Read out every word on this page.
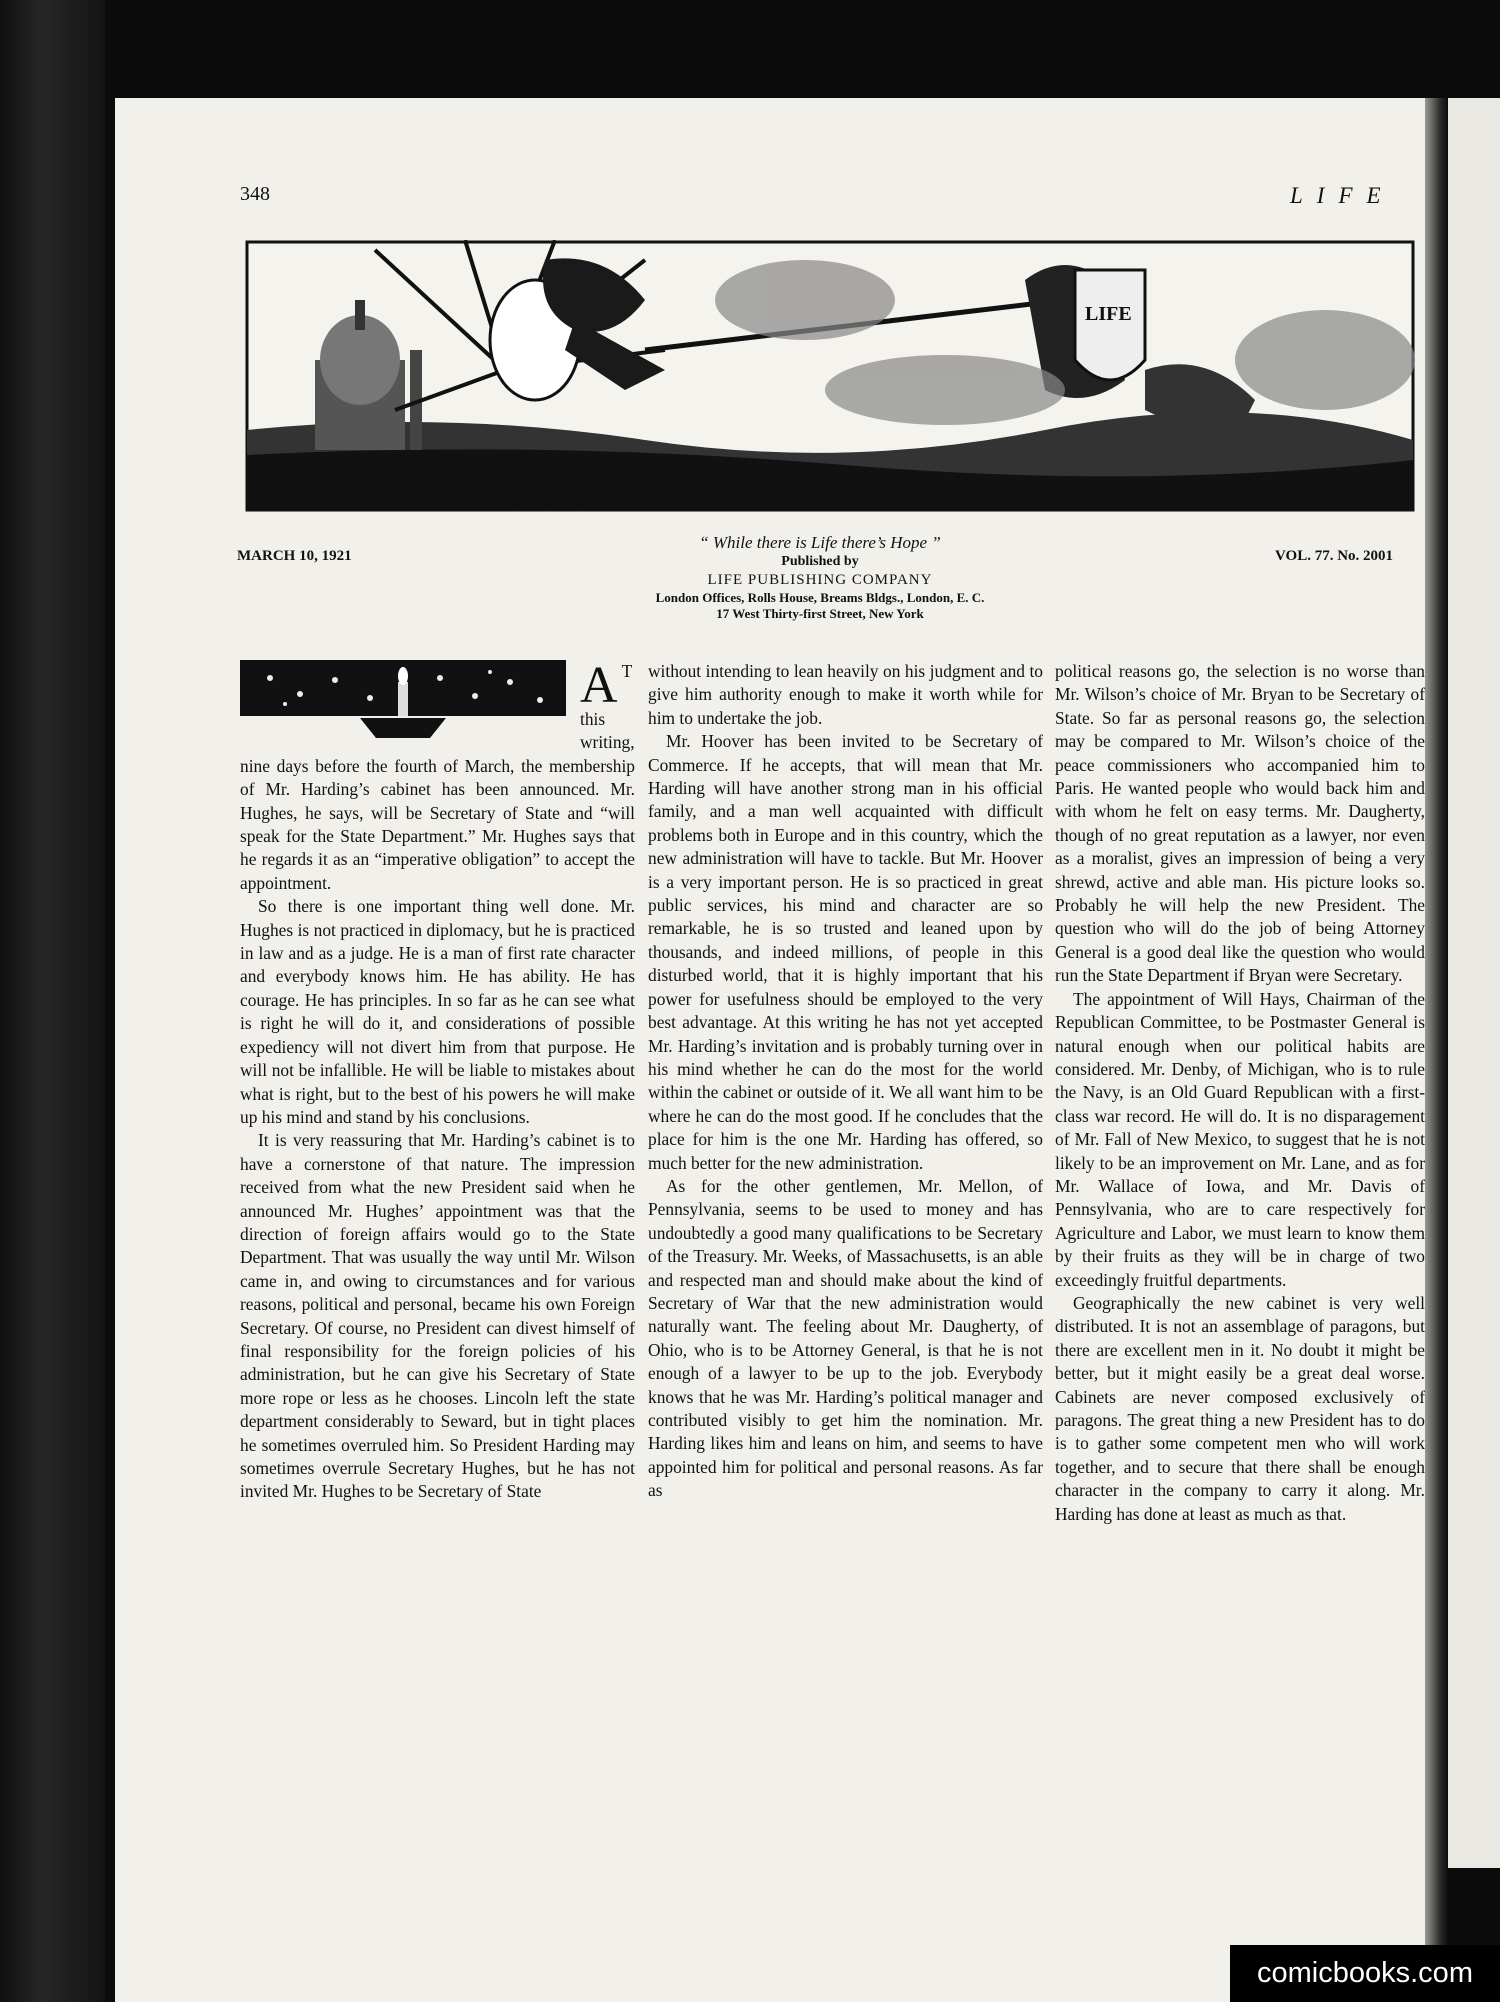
348	LIFE
LIFE
LIFE
MARCH 10, 1921	VOL. 77. No. 2001
“ While there is Life there’s Hope ”
Published by
LIFE PUBLISHING COMPANY
London Offices, Rolls House, Breams Bldgs., London, E. C.
17 West Thirty-first Street, New York
A T this writing, nine days before the fourth of March, the membership of Mr. Harding’s cabinet has been announced. Mr. Hughes, he says, will be Secretary of State and “will speak for the State Department.” Mr. Hughes says that he regards it as an “imperative obligation” to accept the appointment.

So there is one important thing well done. Mr. Hughes is not practiced in diplomacy, but he is practiced in law and as a judge. He is a man of first rate character and everybody knows him. He has ability. He has courage. He has principles. In so far as he can see what is right he will do it, and considerations of possible expediency will not divert him from that purpose. He will not be infallible. He will be liable to mistakes about what is right, but to the best of his powers he will make up his mind and stand by his conclusions.

It is very reassuring that Mr. Harding’s cabinet is to have a cornerstone of that nature. The impression received from what the new President said when he announced Mr. Hughes’ appointment was that the direction of foreign affairs would go to the State Department. That was usually the way until Mr. Wilson came in, and owing to circumstances and for various reasons, political and personal, became his own Foreign Secretary. Of course, no President can divest himself of final responsibility for the foreign policies of his administration, but he can give his Secretary of State more rope or less as he chooses. Lincoln left the state department considerably to Seward, but in tight places he sometimes overruled him. So President Harding may sometimes overrule Secretary Hughes, but he has not invited Mr. Hughes to be Secretary of State

without intending to lean heavily on his judgment and to give him authority enough to make it worth while for him to undertake the job.

Mr. Hoover has been invited to be Secretary of Commerce. If he accepts, that will mean that Mr. Harding will have another strong man in his official family, and a man well acquainted with difficult problems both in Europe and in this country, which the new administration will have to tackle. But Mr. Hoover is a very important person. He is so practiced in great public services, his mind and character are so remarkable, he is so trusted and leaned upon by thousands, and indeed millions, of people in this disturbed world, that it is highly important that his power for usefulness should be employed to the very best advantage. At this writing he has not yet accepted Mr. Harding’s invitation and is probably turning over in his mind whether he can do the most for the world within the cabinet or outside of it. We all want him to be where he can do the most good. If he concludes that the place for him is the one Mr. Harding has offered, so much better for the new administration.

As for the other gentlemen, Mr. Mellon, of Pennsylvania, seems to be used to money and has undoubtedly a good many qualifications to be Secretary of the Treasury. Mr. Weeks, of Massachusetts, is an able and respected man and should make about the kind of Secretary of War that the new administration would naturally want. The feeling about Mr. Daugherty, of Ohio, who is to be Attorney General, is that he is not enough of a lawyer to be up to the job. Everybody knows that he was Mr. Harding’s political manager and contributed visibly to get him the nomination. Mr. Harding likes him and leans on him, and seems to have appointed him for political and personal reasons. As far as

political reasons go, the selection is no worse than Mr. Wilson’s choice of Mr. Bryan to be Secretary of State. So far as personal reasons go, the selection may be compared to Mr. Wilson’s choice of the peace commissioners who accompanied him to Paris. He wanted people who would back him and with whom he felt on easy terms. Mr. Daugherty, though of no great reputation as a lawyer, nor even as a moralist, gives an impression of being a very shrewd, active and able man. His picture looks so. Probably he will help the new President. The question who will do the job of being Attorney General is a good deal like the question who would run the State Department if Bryan were Secretary.

The appointment of Will Hays, Chairman of the Republican Committee, to be Postmaster General is natural enough when our political habits are considered. Mr. Denby, of Michigan, who is to rule the Navy, is an Old Guard Republican with a first-class war record. He will do. It is no disparagement of Mr. Fall of New Mexico, to suggest that he is not likely to be an improvement on Mr. Lane, and as for Mr. Wallace of Iowa, and Mr. Davis of Pennsylvania, who are to care respectively for Agriculture and Labor, we must learn to know them by their fruits as they will be in charge of two exceedingly fruitful departments.

Geographically the new cabinet is very well distributed. It is not an assemblage of paragons, but there are excellent men in it. No doubt it might be better, but it might easily be a great deal worse. Cabinets are never composed exclusively of paragons. The great thing a new President has to do is to gather some competent men who will work together, and to secure that there shall be enough character in the company to carry it along. Mr. Harding has done at least as much as that.

comicbooks.com
